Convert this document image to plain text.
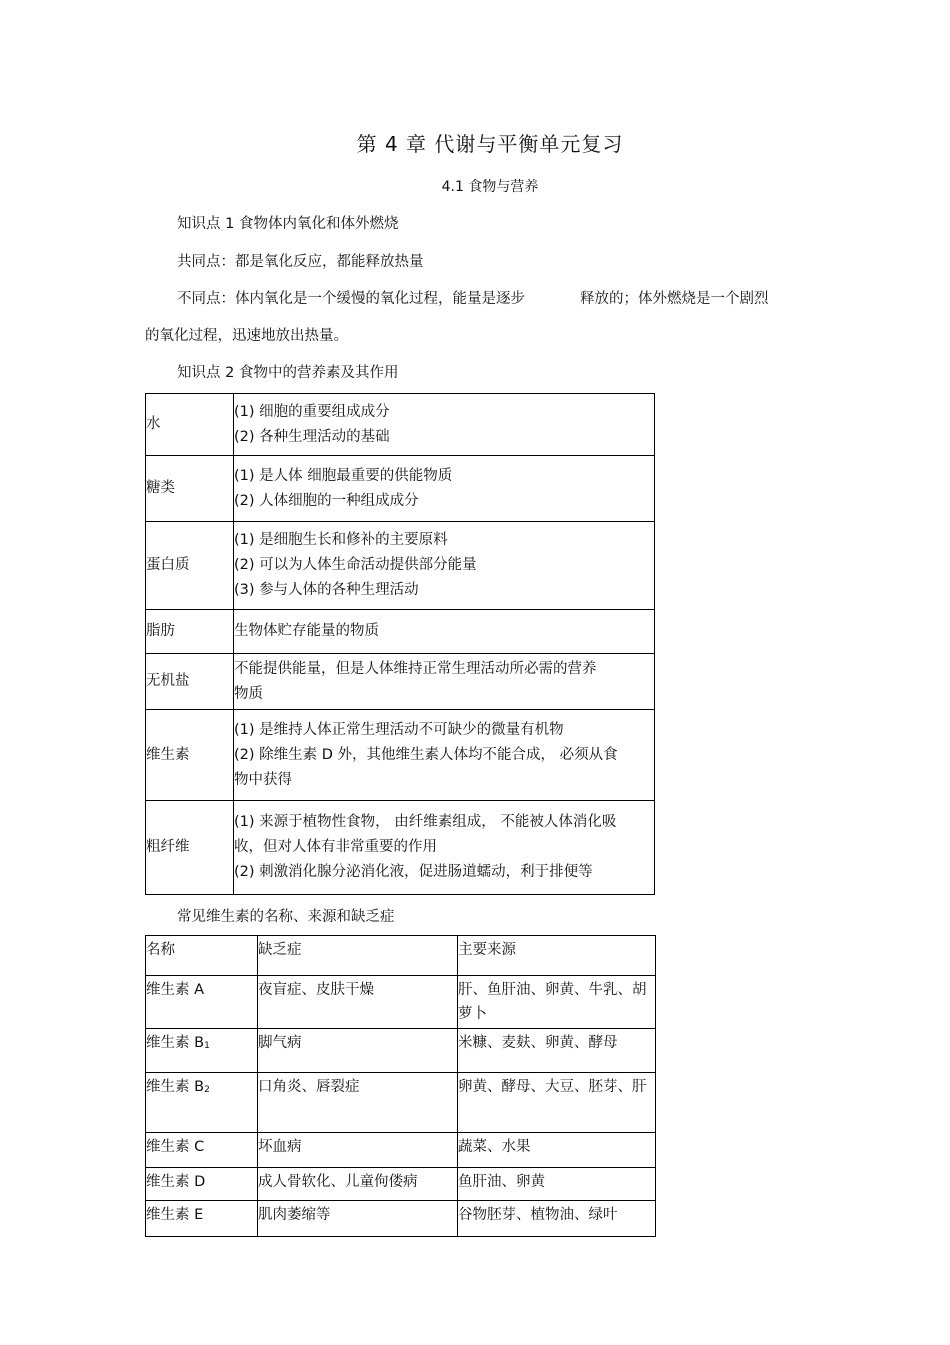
第 4 章 代谢与平衡单元复习
4.1 食物与营养
知识点 1 食物体内氧化和体外燃烧
共同点：都是氧化反应，都能释放热量
不同点：体内氧化是一个缓慢的氧化过程，能量是逐步	释放的；体外燃烧是一个剧烈
的氧化过程，迅速地放出热量。
知识点 2 食物中的营养素及其作用
水	(1) 细胞的重要组成成分
(2) 各种生理活动的基础

糖类	(1) 是人体 细胞最重要的供能物质
(2) 人体细胞的一种组成成分

蛋白质	(1) 是细胞生长和修补的主要原料
(2) 可以为人体生命活动提供部分能量
(3) 参与人体的各种生理活动

脂肪	生物体贮存能量的物质

无机盐	不能提供能量，但是人体维持正常生理活动所必需的营养
物质

维生素	(1) 是维持人体正常生理活动不可缺少的微量有机物
(2) 除维生素 D 外，其他维生素人体均不能合成， 必须从食
物中获得

粗纤维	(1) 来源于植物性食物， 由纤维素组成， 不能被人体消化吸
收，但对人体有非常重要的作用
(2) 刺激消化腺分泌消化液，促进肠道蠕动，利于排便等
常见维生素的名称、来源和缺乏症
名称	缺乏症	主要来源
维生素 A	夜盲症、皮肤干燥	肝、鱼肝油、卵黄、牛乳、胡萝卜
维生素 B1	脚气病	米糠、麦麸、卵黄、酵母
维生素 B2	口角炎、唇裂症	卵黄、酵母、大豆、胚芽、肝
维生素 C	坏血病	蔬菜、水果
维生素 D	成人骨软化、儿童佝偻病	鱼肝油、卵黄
维生素 E	肌肉萎缩等	谷物胚芽、植物油、绿叶
